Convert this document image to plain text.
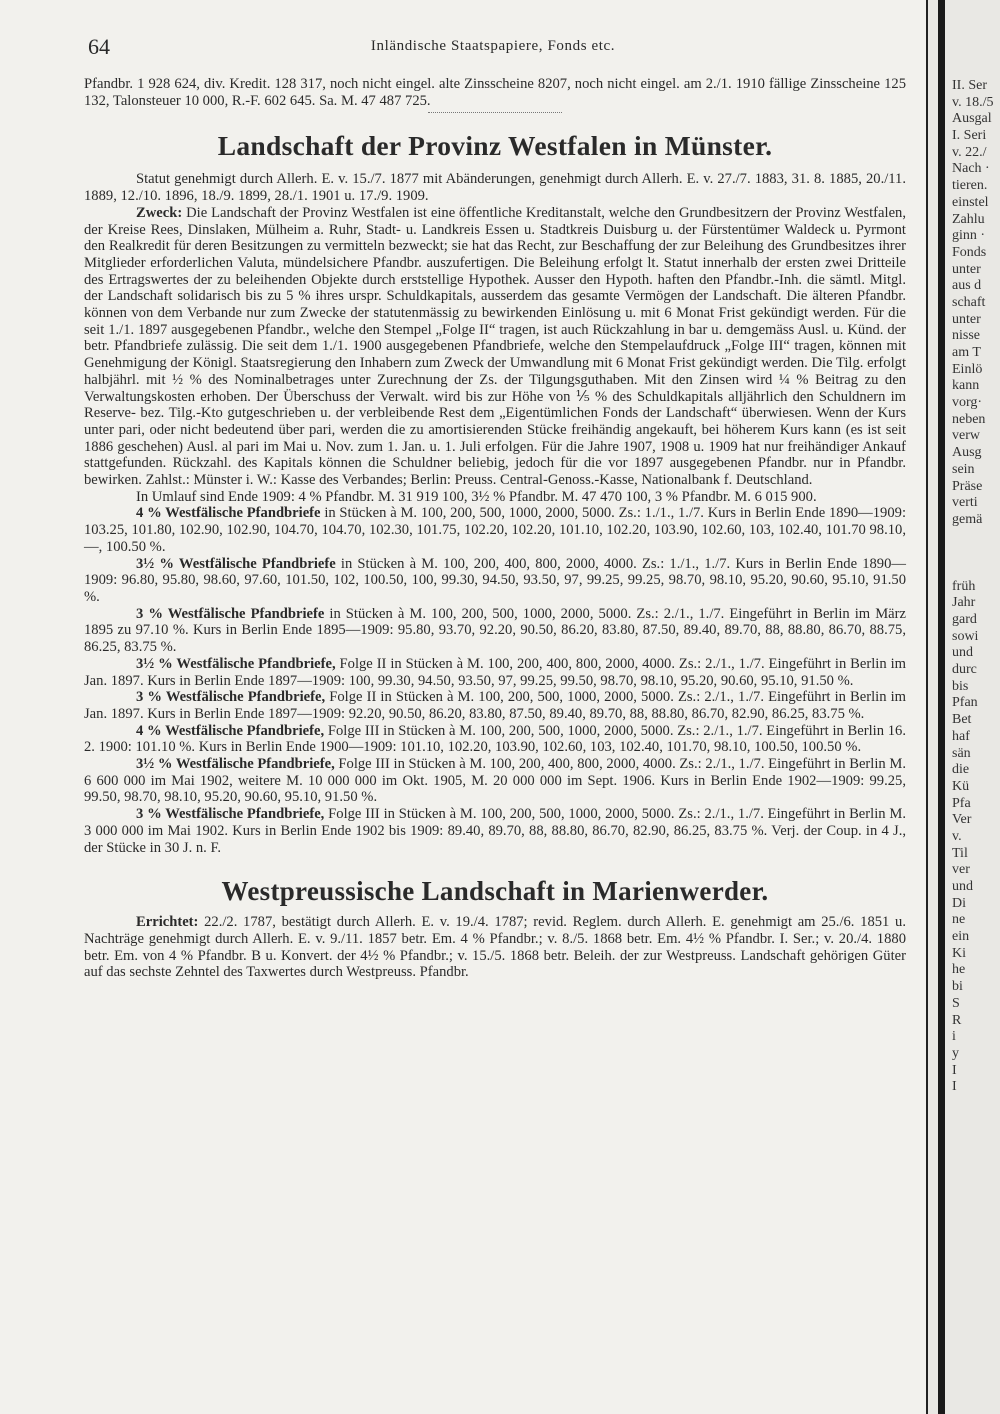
64	Inländische Staatspapiere, Fonds etc.

Pfandbr. 1 928 624, div. Kredit. 128 317, noch nicht eingel. alte Zinsscheine 8207, noch nicht eingel. am 2./1. 1910 fällige Zinsscheine 125 132, Talonsteuer 10 000, R.-F. 602 645. Sa. M. 47 487 725.

Landschaft der Provinz Westfalen in Münster.

Statut genehmigt durch Allerh. E. v. 15./7. 1877 mit Abänderungen, genehmigt durch Allerh. E. v. 27./7. 1883, 31. 8. 1885, 20./11. 1889, 12./10. 1896, 18./9. 1899, 28./1. 1901 u. 17./9. 1909.

Zweck: Die Landschaft der Provinz Westfalen ist eine öffentliche Kreditanstalt, welche den Grundbesitzern der Provinz Westfalen, der Kreise Rees, Dinslaken, Mülheim a. Ruhr, Stadt- u. Landkreis Essen u. Stadtkreis Duisburg u. der Fürstentümer Waldeck u. Pyrmont den Realkredit für deren Besitzungen zu vermitteln bezweckt; sie hat das Recht, zur Beschaffung der zur Beleihung des Grundbesitzes ihrer Mitglieder erforderlichen Valuta, mündelsichere Pfandbr. auszufertigen. Die Beleihung erfolgt lt. Statut innerhalb der ersten zwei Dritteile des Ertragswertes der zu beleihenden Objekte durch erststellige Hypothek. Ausser den Hypoth. haften den Pfandbr.-Inh. die sämtl. Mitgl. der Landschaft solidarisch bis zu 5 % ihres urspr. Schuldkapitals, ausserdem das gesamte Vermögen der Landschaft. Die älteren Pfandbr. können von dem Verbande nur zum Zwecke der statutenmässig zu bewirkenden Einlösung u. mit 6 Monat Frist gekündigt werden. Für die seit 1./1. 1897 ausgegebenen Pfandbr., welche den Stempel „Folge II“ tragen, ist auch Rückzahlung in bar u. demgemäss Ausl. u. Künd. der betr. Pfandbriefe zulässig. Die seit dem 1./1. 1900 ausgegebenen Pfandbriefe, welche den Stempelaufdruck „Folge III“ tragen, können mit Genehmigung der Königl. Staatsregierung den Inhabern zum Zweck der Umwandlung mit 6 Monat Frist gekündigt werden. Die Tilg. erfolgt halbjährl. mit ½ % des Nominalbetrages unter Zurechnung der Zs. der Tilgungsguthaben. Mit den Zinsen wird ¼ % Beitrag zu den Verwaltungskosten erhoben. Der Überschuss der Verwalt. wird bis zur Höhe von ⅕ % des Schuldkapitals alljährlich den Schuldnern im Reserve- bez. Tilg.-Kto gutgeschrieben u. der verbleibende Rest dem „Eigentümlichen Fonds der Landschaft“ überwiesen. Wenn der Kurs unter pari, oder nicht bedeutend über pari, werden die zu amortisierenden Stücke freihändig angekauft, bei höherem Kurs kann (es ist seit 1886 geschehen) Ausl. al pari im Mai u. Nov. zum 1. Jan. u. 1. Juli erfolgen. Für die Jahre 1907, 1908 u. 1909 hat nur freihändiger Ankauf stattgefunden. Rückzahl. des Kapitals können die Schuldner beliebig, jedoch für die vor 1897 ausgegebenen Pfandbr. nur in Pfandbr. bewirken. Zahlst.: Münster i. W.: Kasse des Verbandes; Berlin: Preuss. Central-Genoss.-Kasse, Nationalbank f. Deutschland.

In Umlauf sind Ende 1909: 4 % Pfandbr. M. 31 919 100, 3½ % Pfandbr. M. 47 470 100, 3 % Pfandbr. M. 6 015 900.

4 % Westfälische Pfandbriefe in Stücken à M. 100, 200, 500, 1000, 2000, 5000. Zs.: 1./1., 1./7. Kurs in Berlin Ende 1890—1909: 103.25, 101.80, 102.90, 102.90, 104.70, 104.70, 102.30, 101.75, 102.20, 102.20, 101.10, 102.20, 103.90, 102.60, 103, 102.40, 101.70 98.10, —, 100.50 %.

3½ % Westfälische Pfandbriefe in Stücken à M. 100, 200, 400, 800, 2000, 4000. Zs.: 1./1., 1./7. Kurs in Berlin Ende 1890—1909: 96.80, 95.80, 98.60, 97.60, 101.50, 102, 100.50, 100, 99.30, 94.50, 93.50, 97, 99.25, 99.25, 98.70, 98.10, 95.20, 90.60, 95.10, 91.50 %.

3 % Westfälische Pfandbriefe in Stücken à M. 100, 200, 500, 1000, 2000, 5000. Zs.: 2./1., 1./7. Eingeführt in Berlin im März 1895 zu 97.10 %. Kurs in Berlin Ende 1895—1909: 95.80, 93.70, 92.20, 90.50, 86.20, 83.80, 87.50, 89.40, 89.70, 88, 88.80, 86.70, 88.75, 86.25, 83.75 %.

3½ % Westfälische Pfandbriefe, Folge II in Stücken à M. 100, 200, 400, 800, 2000, 4000. Zs.: 2./1., 1./7. Eingeführt in Berlin im Jan. 1897. Kurs in Berlin Ende 1897—1909: 100, 99.30, 94.50, 93.50, 97, 99.25, 99.50, 98.70, 98.10, 95.20, 90.60, 95.10, 91.50 %.

3 % Westfälische Pfandbriefe, Folge II in Stücken à M. 100, 200, 500, 1000, 2000, 5000. Zs.: 2./1., 1./7. Eingeführt in Berlin im Jan. 1897. Kurs in Berlin Ende 1897—1909: 92.20, 90.50, 86.20, 83.80, 87.50, 89.40, 89.70, 88, 88.80, 86.70, 82.90, 86.25, 83.75 %.

4 % Westfälische Pfandbriefe, Folge III in Stücken à M. 100, 200, 500, 1000, 2000, 5000. Zs.: 2./1., 1./7. Eingeführt in Berlin 16. 2. 1900: 101.10 %. Kurs in Berlin Ende 1900—1909: 101.10, 102.20, 103.90, 102.60, 103, 102.40, 101.70, 98.10, 100.50, 100.50 %.

3½ % Westfälische Pfandbriefe, Folge III in Stücken à M. 100, 200, 400, 800, 2000, 4000. Zs.: 2./1., 1./7. Eingeführt in Berlin M. 6 600 000 im Mai 1902, weitere M. 10 000 000 im Okt. 1905, M. 20 000 000 im Sept. 1906. Kurs in Berlin Ende 1902—1909: 99.25, 99.50, 98.70, 98.10, 95.20, 90.60, 95.10, 91.50 %.

3 % Westfälische Pfandbriefe, Folge III in Stücken à M. 100, 200, 500, 1000, 2000, 5000. Zs.: 2./1., 1./7. Eingeführt in Berlin M. 3 000 000 im Mai 1902. Kurs in Berlin Ende 1902 bis 1909: 89.40, 89.70, 88, 88.80, 86.70, 82.90, 86.25, 83.75 %. Verj. der Coup. in 4 J., der Stücke in 30 J. n. F.

Westpreussische Landschaft in Marienwerder.

Errichtet: 22./2. 1787, bestätigt durch Allerh. E. v. 19./4. 1787; revid. Reglem. durch Allerh. E. genehmigt am 25./6. 1851 u. Nachträge genehmigt durch Allerh. E. v. 9./11. 1857 betr. Em. 4 % Pfandbr.; v. 8./5. 1868 betr. Em. 4½ % Pfandbr. I. Ser.; v. 20./4. 1880 betr. Em. von 4 % Pfandbr. B u. Konvert. der 4½ % Pfandbr.; v. 15./5. 1868 betr. Beleih. der zur Westpreuss. Landschaft gehörigen Güter auf das sechste Zehntel des Taxwertes durch Westpreuss. Pfandbr.

II. Ser
v. 18./5
Ausgal
I. Seri
v. 22./
Nach ·
tieren.
einstel
Zahlu
ginn ·
Fonds
unter
aus d
schaft
unter
nisse
am T
Einlö
kann
vorg·
neben
verw
Ausg
sein
Präse
verti
gemä
früh
Jahr
gard
sowi
und
durc
bis
Pfan
Bet
haf
sän
die
Kü
Pfa
Ver
v.
Til
ver
und
Di
ne
ein
Ki
he
bi
S
R
i
y
I
I
